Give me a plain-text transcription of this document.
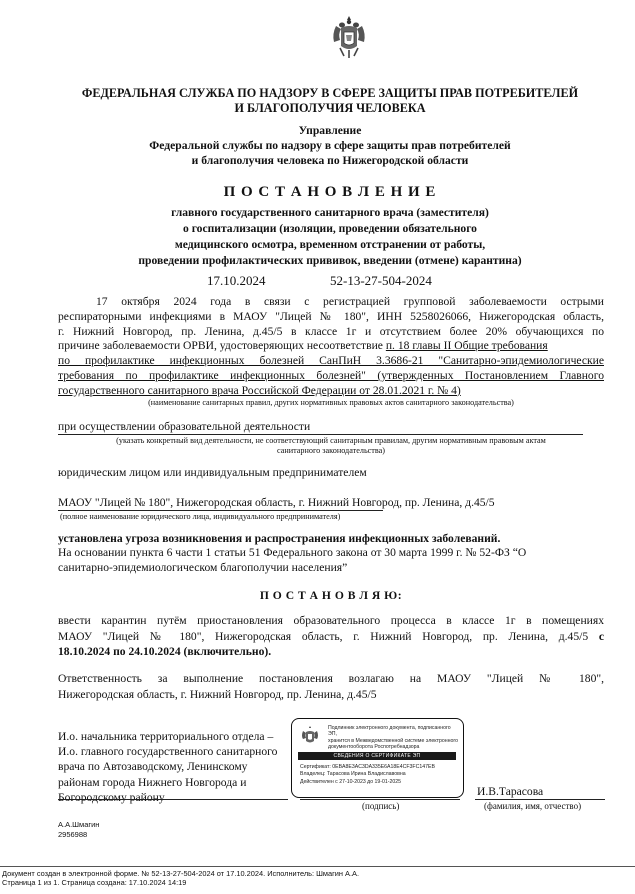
ФЕДЕРАЛЬНАЯ СЛУЖБА ПО НАДЗОРУ В СФЕРЕ ЗАЩИТЫ ПРАВ ПОТРЕБИТЕЛЕЙ
И БЛАГОПОЛУЧИЯ ЧЕЛОВЕКА
Управление
Федеральной службы по надзору в сфере защиты прав потребителей
и благополучия человека по Нижегородской области
П О С Т А Н О В Л Е Н И Е
главного государственного санитарного врача (заместителя)
о госпитализации (изоляции, проведении обязательного
медицинского осмотра, временном отстранении от работы,
проведении профилактических прививок, введении (отмене) карантина)
17.10.2024	52-13-27-504-2024
17 октября 2024 года в связи с регистрацией групповой заболеваемости острыми
респираторными инфекциями в МАОУ "Лицей № 180", ИНН 5258026066, Нижегородская область,
г. Нижний Новгород, пр. Ленина, д.45/5 в классе 1г и отсутствием более 20% обучающихся по
причине заболеваемости ОРВИ, удостоверяющих несоответствие п. 18 главы II Общие требования
по профилактике инфекционных болезней СанПиН 3.3686-21 "Санитарно-эпидемиологические
требования по профилактике инфекционных болезней" (утвержденных Постановлением Главного
государственного санитарного врача Российской Федерации от 28.01.2021 г. № 4)
(наименование санитарных правил, других нормативных правовых актов санитарного законодательства)
при осуществлении образовательной деятельности
(указать конкретный вид деятельности, не соответствующий санитарным правилам, другим нормативным правовым актам
санитарного законодательства)
юридическим лицом или индивидуальным предпринимателем
МАОУ "Лицей № 180", Нижегородская область, г. Нижний Новгород, пр. Ленина, д.45/5
(полное наименование юридического лица, индивидуального предпринимателя)
установлена угроза возникновения и распространения инфекционных заболеваний.
На основании пункта 6 части 1 статьи 51 Федерального закона от 30 марта 1999 г. № 52-ФЗ “О
санитарно-эпидемиологическом благополучии населения”
П О С Т А Н О В Л Я Ю:
ввести карантин путём приостановления образовательного процесса в классе 1г в помещениях
МАОУ "Лицей № 180", Нижегородская область, г. Нижний Новгород, пр. Ленина, д.45/5 с
18.10.2024 по 24.10.2024 (включительно).
Ответственность за выполнение постановления возлагаю на МАОУ "Лицей № 180",
Нижегородская область, г. Нижний Новгород, пр. Ленина, д.45/5
И.о. начальника территориального отдела –
И.о. главного государственного санитарного
врача по Автозаводскому, Ленинскому
районам города Нижнего Новгорода и
Богородскому району
Подлинник электронного документа, подписанного ЭП,
хранится в Межведомственной системе электронного
документооборота Роспотребнадзора
СВЕДЕНИЯ О СЕРТИФИКАТЕ ЭП
Сертификат: 0EBA8E3AC3DA335E6A18E4CF3FC147EB
Владелец: Тарасова Ирина Владиславовна
Действителен с 27-10-2023 до 19-01-2025
И.В.Тарасова
(подпись)	(фамилия, имя, отчество)
А.А.Шмагин
2956988
Документ создан в электронной форме. № 52-13-27-504-2024 от 17.10.2024. Исполнитель: Шмагин А.А.
Страница 1 из 1. Страница создана: 17.10.2024 14:19
